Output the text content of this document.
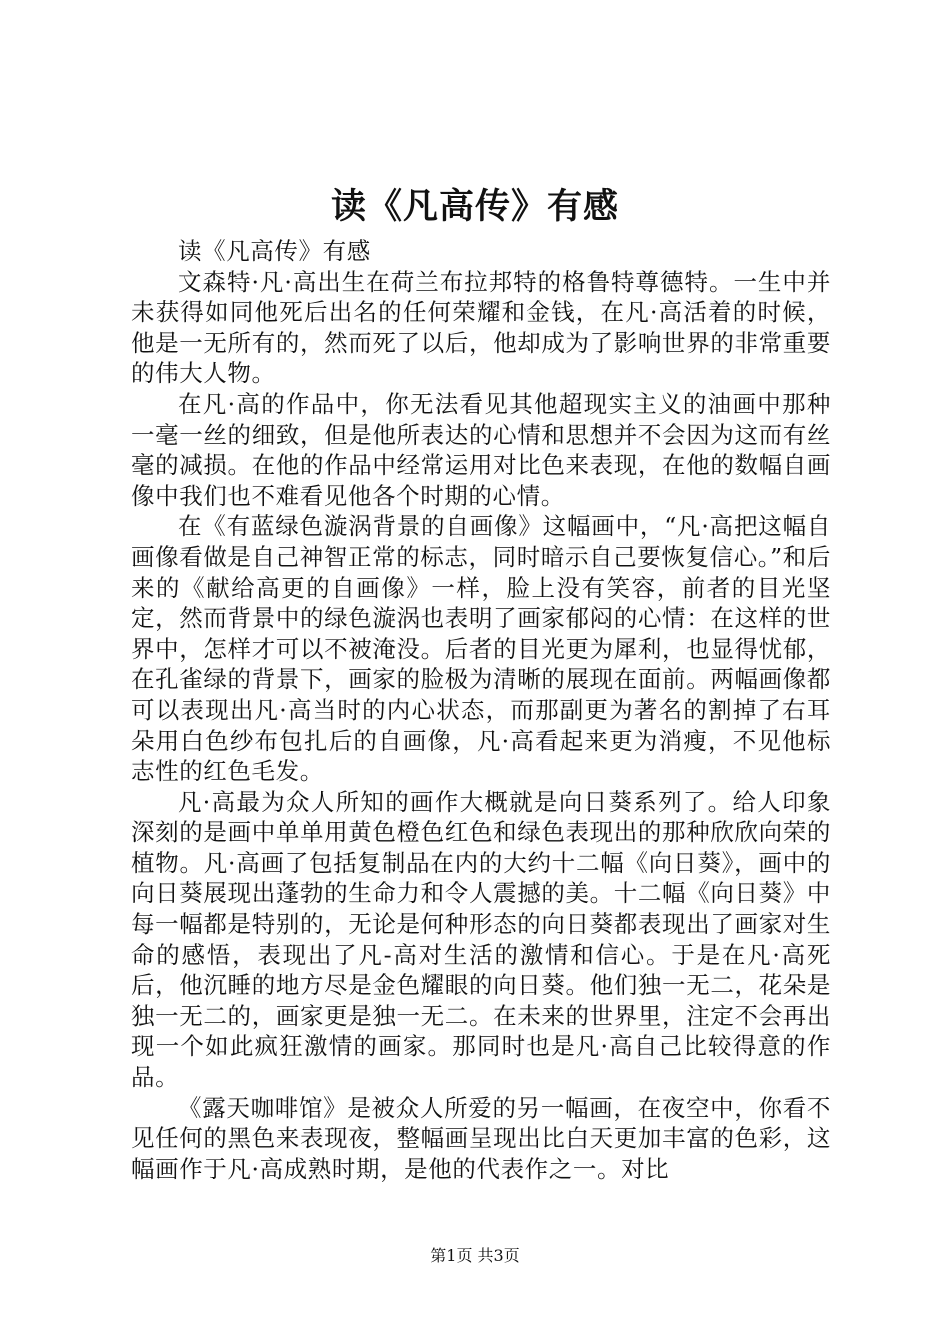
读《凡高传》有感

读《凡高传》有感

文森特·凡·高出生在荷兰布拉邦特的格鲁特尊德特。一生中并未获得如同他死后出名的任何荣耀和金钱，在凡·高活着的时候，他是一无所有的，然而死了以后，他却成为了影响世界的非常重要的伟大人物。

在凡·高的作品中，你无法看见其他超现实主义的油画中那种一毫一丝的细致，但是他所表达的心情和思想并不会因为这而有丝毫的减损。在他的作品中经常运用对比色来表现，在他的数幅自画像中我们也不难看见他各个时期的心情。

在《有蓝绿色漩涡背景的自画像》这幅画中，“凡·高把这幅自画像看做是自己神智正常的标志，同时暗示自己要恢复信心。”和后来的《献给高更的自画像》一样，脸上没有笑容，前者的目光坚定，然而背景中的绿色漩涡也表明了画家郁闷的心情：在这样的世界中，怎样才可以不被淹没。后者的目光更为犀利，也显得忧郁，在孔雀绿的背景下，画家的脸极为清晰的展现在面前。两幅画像都可以表现出凡·高当时的内心状态，而那副更为著名的割掉了右耳朵用白色纱布包扎后的自画像，凡·高看起来更为消瘦，不见他标志性的红色毛发。

凡·高最为众人所知的画作大概就是向日葵系列了。给人印象深刻的是画中单单用黄色橙色红色和绿色表现出的那种欣欣向荣的植物。凡·高画了包括复制品在内的大约十二幅《向日葵》，画中的向日葵展现出蓬勃的生命力和令人震撼的美。十二幅《向日葵》中每一幅都是特别的，无论是何种形态的向日葵都表现出了画家对生命的感悟，表现出了凡-高对生活的激情和信心。于是在凡·高死后，他沉睡的地方尽是金色耀眼的向日葵。他们独一无二，花朵是独一无二的，画家更是独一无二。在未来的世界里，注定不会再出现一个如此疯狂激情的画家。那同时也是凡·高自己比较得意的作品。

《露天咖啡馆》是被众人所爱的另一幅画，在夜空中，你看不见任何的黑色来表现夜，整幅画呈现出比白天更加丰富的色彩，这幅画作于凡·高成熟时期，是他的代表作之一。对比

第1页 共3页
